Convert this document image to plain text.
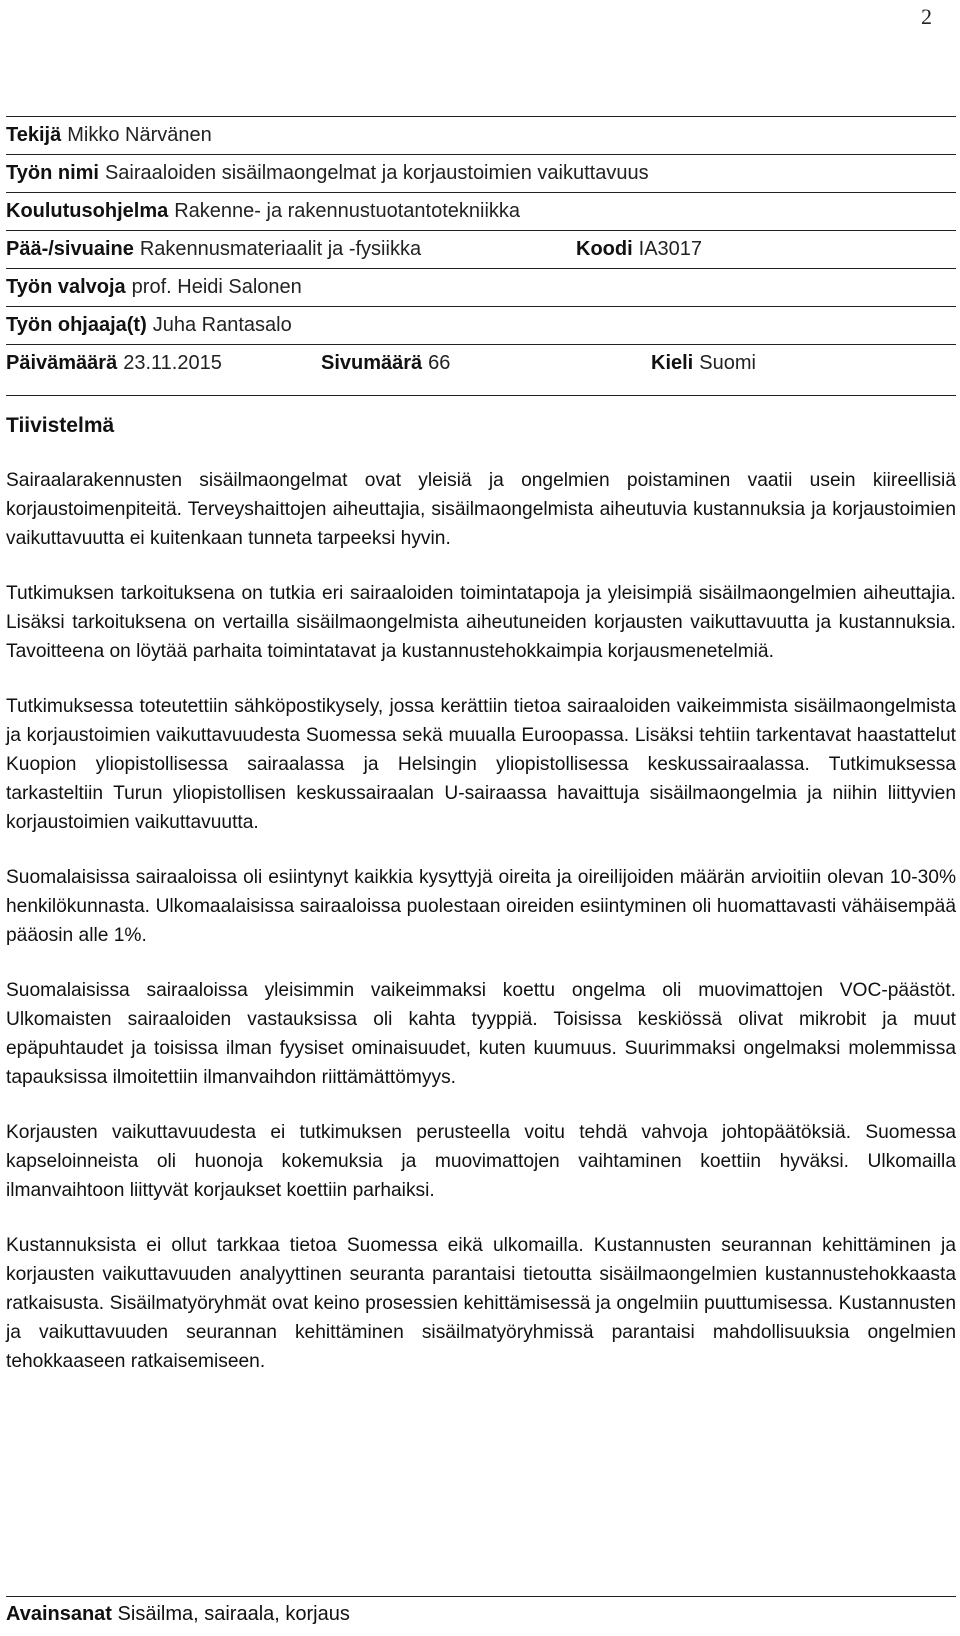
2
Tekijä Mikko Närvänen
Työn nimi Sairaaloiden sisäilmaongelmat ja korjaustoimien vaikuttavuus
Koulutusohjelma Rakenne- ja rakennustuotantotekniikka
Pää-/sivuaine Rakennusmateriaalit ja -fysiikka	Koodi IA3017
Työn valvoja prof. Heidi Salonen
Työn ohjaaja(t) Juha Rantasalo
Päivämäärä 23.11.2015	Sivumäärä 66	Kieli Suomi
Tiivistelmä

Sairaalarakennusten sisäilmaongelmat ovat yleisiä ja ongelmien poistaminen vaatii usein kiireellisiä korjaustoimenpiteitä. Terveyshaittojen aiheuttajia, sisäilmaongelmista aiheutuvia kustannuksia ja korjaustoimien vaikuttavuutta ei kuitenkaan tunneta tarpeeksi hyvin.

Tutkimuksen tarkoituksena on tutkia eri sairaaloiden toimintatapoja ja yleisimpiä sisäilmaongelmien aiheuttajia. Lisäksi tarkoituksena on vertailla sisäilmaongelmista aiheutuneiden korjausten vaikuttavuutta ja kustannuksia. Tavoitteena on löytää parhaita toimintatavat ja kustannustehokkaimpia korjausmenetelmiä.

Tutkimuksessa toteutettiin sähköpostikysely, jossa kerättiin tietoa sairaaloiden vaikeimmista sisäilmaongelmista ja korjaustoimien vaikuttavuudesta Suomessa sekä muualla Euroopassa. Lisäksi tehtiin tarkentavat haastattelut Kuopion yliopistollisessa sairaalassa ja Helsingin yliopistollisessa keskussairaalassa. Tutkimuksessa tarkasteltiin Turun yliopistollisen keskussairaalan U-sairaassa havaittuja sisäilmaongelmia ja niihin liittyvien korjaustoimien vaikuttavuutta.

Suomalaisissa sairaaloissa oli esiintynyt kaikkia kysyttyjä oireita ja oireilijoiden määrän arvioitiin olevan 10-30% henkilökunnasta. Ulkomaalaisissa sairaaloissa puolestaan oireiden esiintyminen oli huomattavasti vähäisempää pääosin alle 1%.

Suomalaisissa sairaaloissa yleisimmin vaikeimmaksi koettu ongelma oli muovimattojen VOC-päästöt. Ulkomaisten sairaaloiden vastauksissa oli kahta tyyppiä. Toisissa keskiössä olivat mikrobit ja muut epäpuhtaudet ja toisissa ilman fyysiset ominaisuudet, kuten kuumuus. Suurimmaksi ongelmaksi molemmissa tapauksissa ilmoitettiin ilmanvaihdon riittämättömyys.

Korjausten vaikuttavuudesta ei tutkimuksen perusteella voitu tehdä vahvoja johtopäätöksiä. Suomessa kapseloinneista oli huonoja kokemuksia ja muovimattojen vaihtaminen koettiin hyväksi. Ulkomailla ilmanvaihtoon liittyvät korjaukset koettiin parhaiksi.

Kustannuksista ei ollut tarkkaa tietoa Suomessa eikä ulkomailla. Kustannusten seurannan kehittäminen ja korjausten vaikuttavuuden analyyttinen seuranta parantaisi tietoutta sisäilmaongelmien kustannustehokkaasta ratkaisusta. Sisäilmatyöryhmät ovat keino prosessien kehittämisessä ja ongelmiin puuttumisessa. Kustannusten ja vaikuttavuuden seurannan kehittäminen sisäilmatyöryhmissä parantaisi mahdollisuuksia ongelmien tehokkaaseen ratkaisemiseen.

Avainsanat Sisäilma, sairaala, korjaus
